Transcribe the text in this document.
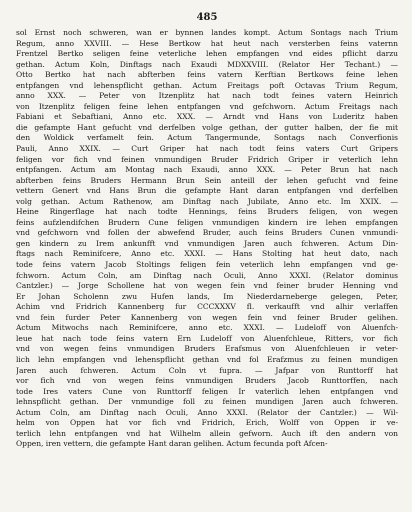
485
sol Ernst noch schweren, wan er bynnen landes kompt. Actum Sontags nach Trium
Regum, anno XXVIII. — Hese Bertkow hat heut nach versterben feins vaternn
Frentzel Bertko seligen feine veterliche lehen empfangen vnd eides pflicht darzu
gethan. Actum Koln, Dinftags nach Exaudi MDXXVIII. (Relator Her Techant.) —
Otto Bertko hat nach abfterben feins vatern Kerftian Bertkows feine lehen
entpfangen vnd lehenspflicht gethan. Actum Freitags poft Octavas Trium Regum,
anno XXX. — Peter von Itzenplitz hat nach todt feines vatern Heinrich
von Itzenplitz feligen feine lehen entpfangen vnd gefchworn. Actum Freitags nach
Fabiani et Sebaftiani, Anno etc. XXX. — Arndt vnd Hans von Luderitz haben
die gefampte Hant gefucht vnd derfelben volge gethan, der gutter halben, der fie mit
den Woldick verfamelt fein. Actum Tangermunde, Sontags nach Converfionis
Pauli, Anno XXIX. — Curt Griper hat nach todt feins vaters Curt Gripers
feligen vor fich vnd feinen vnmundigen Bruder Fridrich Griper ir veterlich lehn
entpfangen. Actum am Montag nach Exaudi, anno XXX. — Peter Brun hat nach
abfterben feins Bruders Hermann Brun Sein anteill der lehen gefucht vnd feine
vettern Genert vnd Hans Brun die gefampte Hant daran entpfangen vnd derfelben
volg gethan. Actum Rathenow, am Dinftag nach Jubilate, Anno etc. Im XXIX. —
Heine Ringerflage hat nach todte Hennings, feins Bruders feligen, von wegen
feins aufzlendifchen Brudern Cune feligen vnmundigen kindern ire lehen empfangen
vnd gefchworn vnd follen der abwefend Bruder, auch feins Bruders Cunen vnmundi-
gen kindern zu Irem ankunfft vnd vnmundigen Jaren auch fchweren. Actum Din-
ftags nach Reminifcere, Anno etc. XXXI. — Hans Stolting hat heut dato, nach
tode feins vatern Jacob Stoltings feligen fein veterlich lehn empfangen vnd ge-
fchworn. Actum Coln, am Dinftag nach Oculi, Anno XXXI. (Relator dominus
Cantzler.) — Jorge Schollene hat von wegen fein vnd feiner bruder Henning vnd
Er Johan Scholenn zwu Hufen lands, Im Niederdarneberge gelegen, Peter,
Achim vnd Fridrich Kannenberg fur CCCXXXV fl. verkaufft vnd alhir verlaffen
vnd fein furder Peter Kannenberg von wegen fein vnd feiner Bruder gelihen.
Actum Mitwochs nach Reminifcere, anno etc. XXXI. — Ludeloff von Aluenfch-
leue hat nach tode feins vatern Ern Ludeloff von Aluenfchleue, Ritters, vor fich
vnd von wegen feins vnmundigen Bruders Erafsmus von Aluenfchleuen ir veter-
lich lehn empfangen vnd lehenspflicht gethan vnd fol Erafzmus zu feinen mundigen
Jaren auch fchweren. Actum Coln vt fupra. — Jafpar von Runttorff hat
vor fich vnd von wegen feins vnmundigen Bruders Jacob Runttorffen, nach
tode Ires vaters Cune von Runttorff feligen Ir vaterlich lehen entpfangen vnd
lehnspflicht gethan. Der vnmundige foll zu feinen mundigen Jaren auch fchweren.
Actum Coln, am Dinftag nach Oculi, Anno XXXI. (Relator der Cantzler.) — Wil-
helm von Oppen hat vor fich vnd Fridrich, Erich, Wolff von Oppen ir ve-
terlich lehn entpfangen vnd hat Wilhelm allein gefworn. Auch ift den andern von
Oppen, iren vettern, die gefampte Hant daran gelihen. Actum fecunda poft Afcen-
